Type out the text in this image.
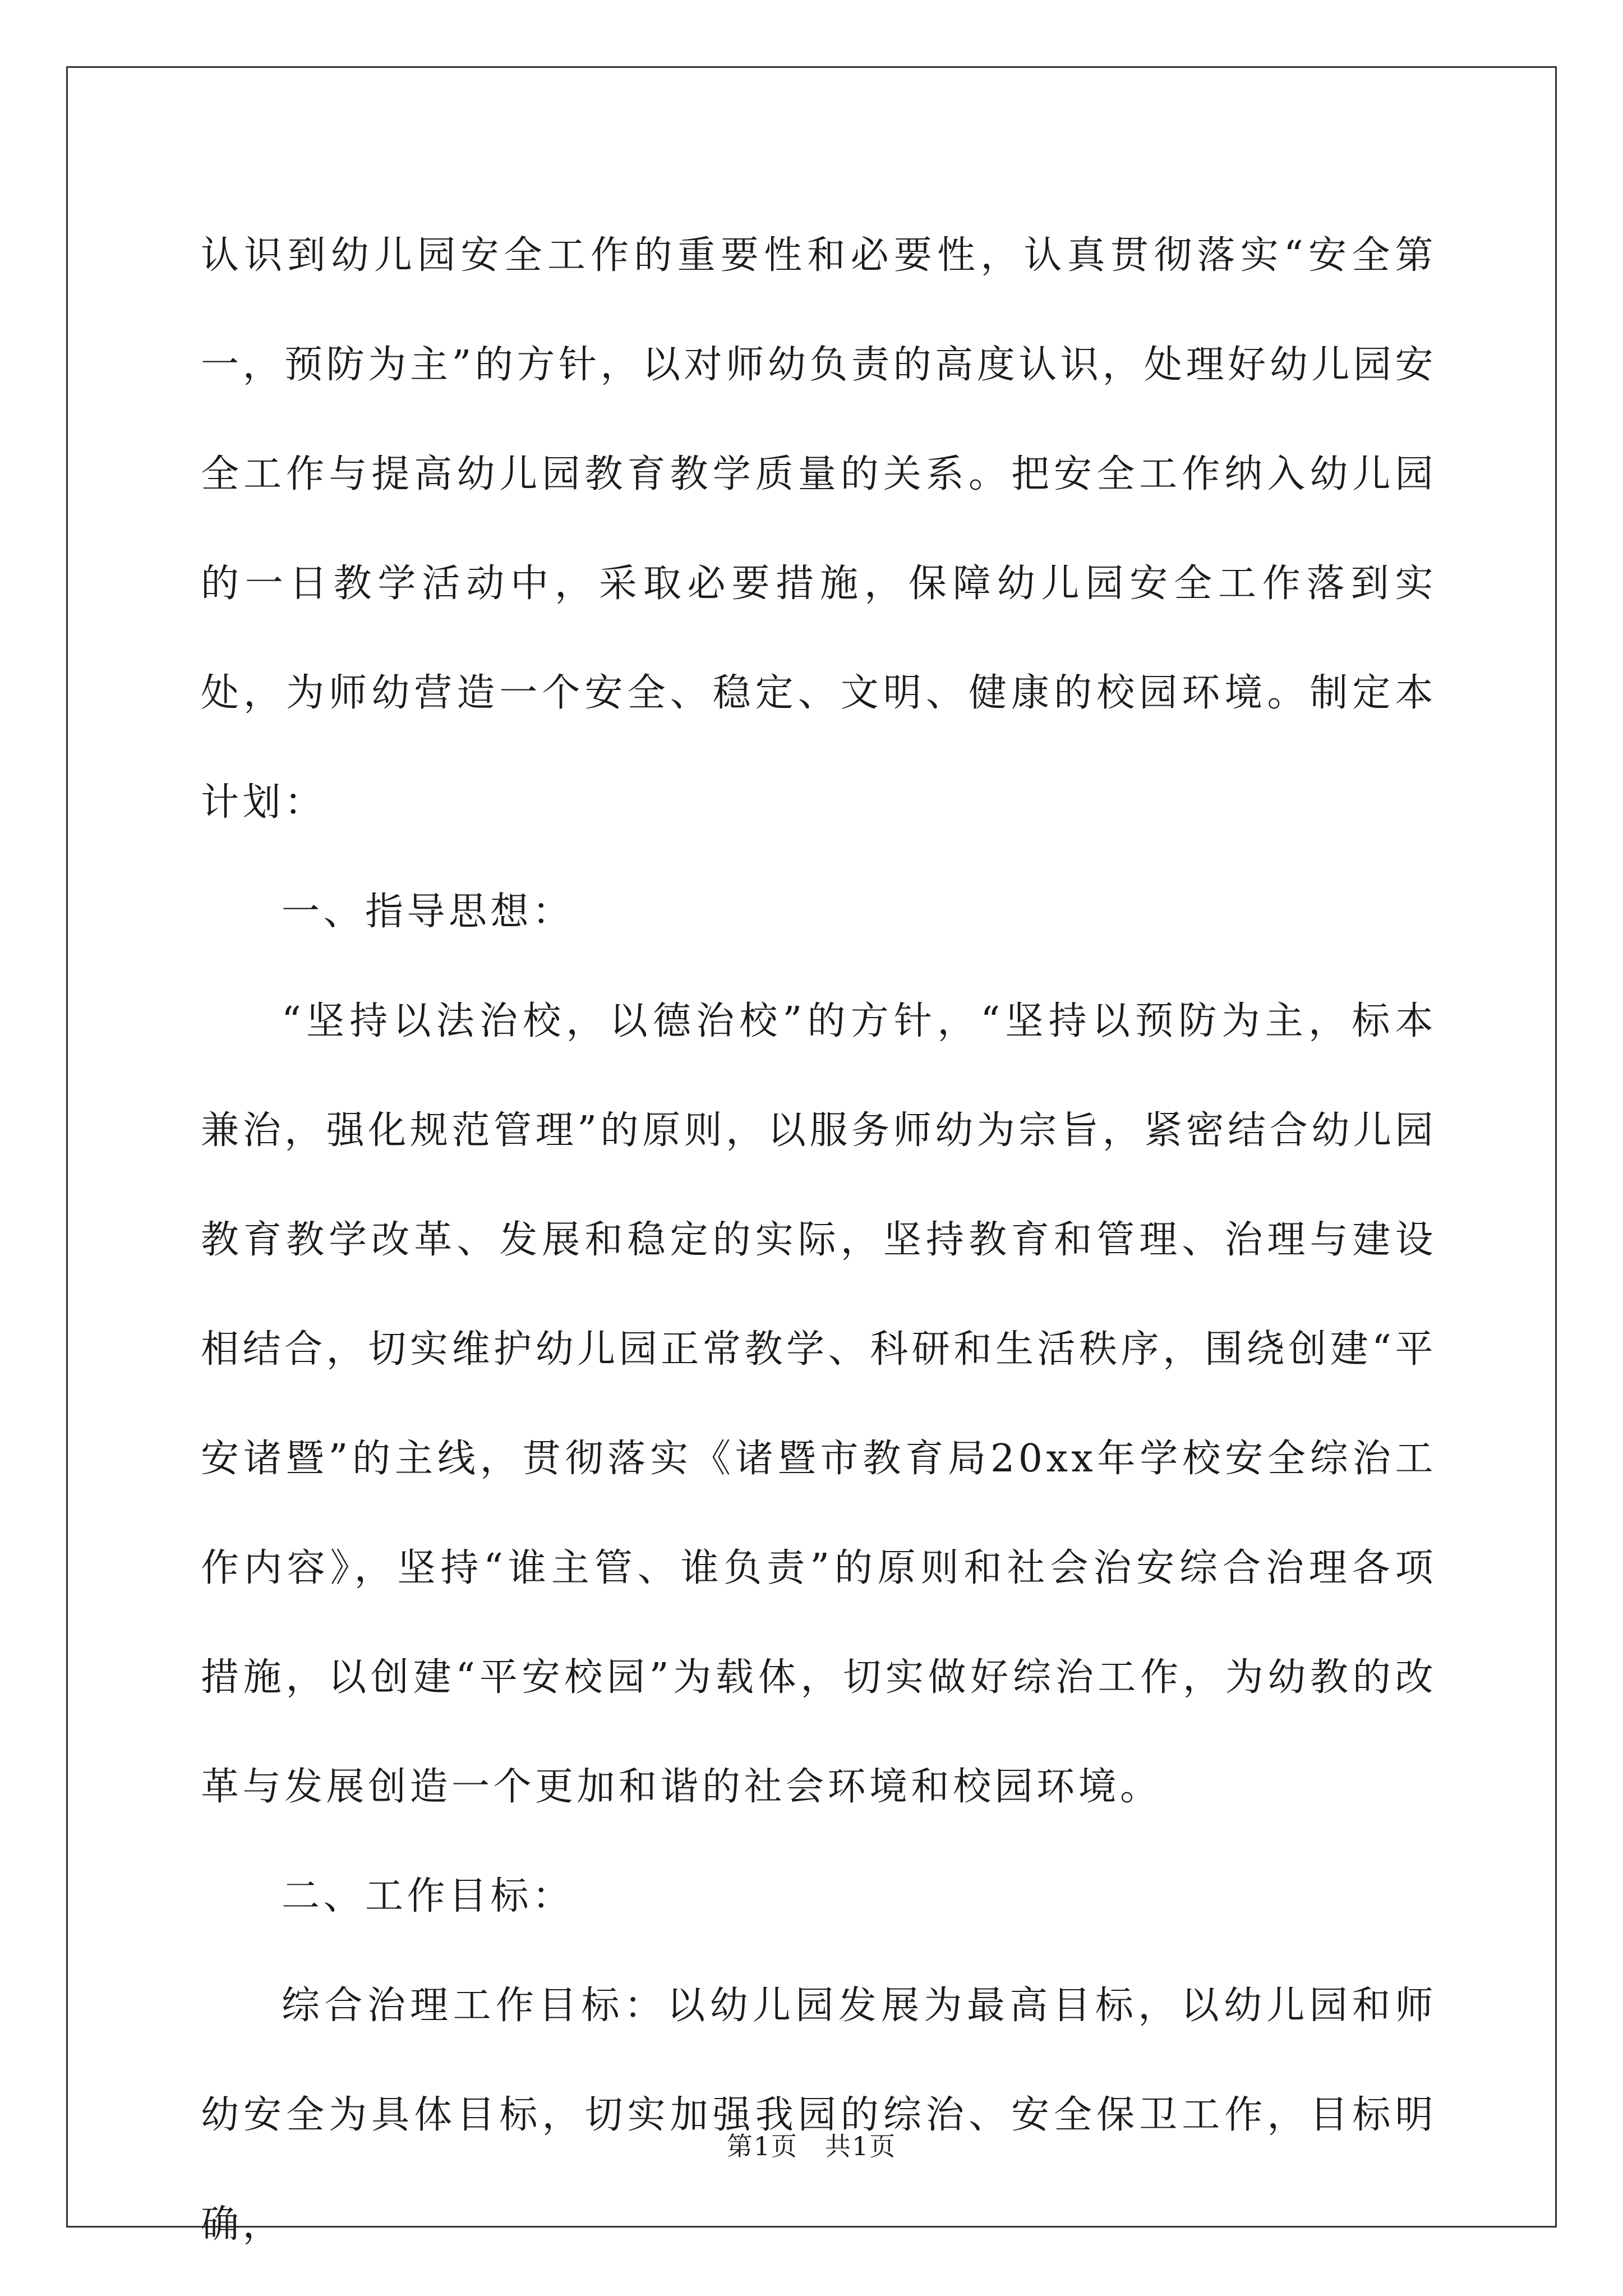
认识到幼儿园安全工作的重要性和必要性，认真贯彻落实“安全第一，预防为主”的方针，以对师幼负责的高度认识，处理好幼儿园安全工作与提高幼儿园教育教学质量的关系。把安全工作纳入幼儿园的一日教学活动中，采取必要措施，保障幼儿园安全工作落到实处，为师幼营造一个安全、稳定、文明、健康的校园环境。制定本计划：

一、指导思想：

“坚持以法治校，以德治校”的方针，“坚持以预防为主，标本兼治，强化规范管理”的原则，以服务师幼为宗旨，紧密结合幼儿园教育教学改革、发展和稳定的实际，坚持教育和管理、治理与建设相结合，切实维护幼儿园正常教学、科研和生活秩序，围绕创建“平安诸暨”的主线，贯彻落实《诸暨市教育局20xx年学校安全综治工作内容》，坚持“谁主管、谁负责”的原则和社会治安综合治理各项措施，以创建“平安校园”为载体，切实做好综治工作，为幼教的改革与发展创造一个更加和谐的社会环境和校园环境。

二、工作目标：

综合治理工作目标：以幼儿园发展为最高目标，以幼儿园和师幼安全为具体目标，切实加强我园的综治、安全保卫工作，目标明确，

第1页　共1页
